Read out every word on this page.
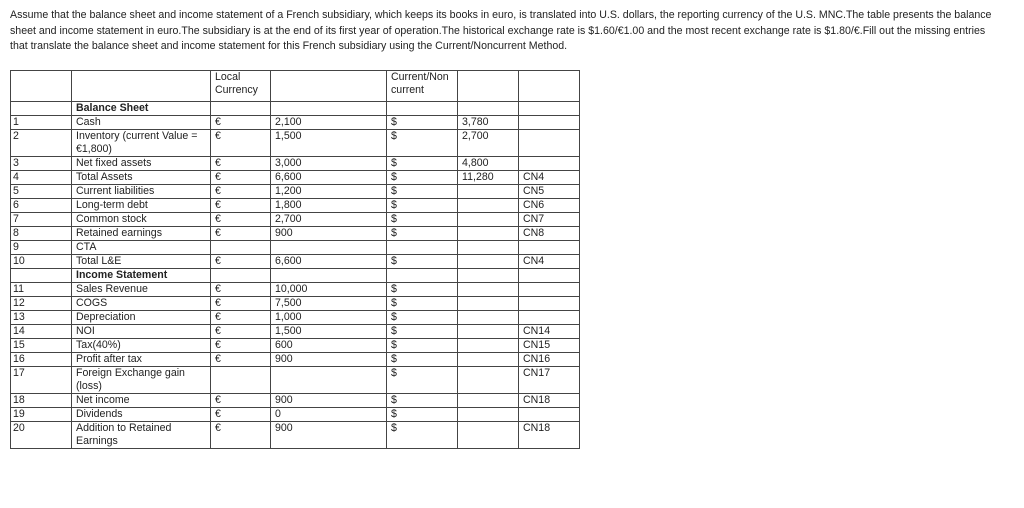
Assume that the balance sheet and income statement of a French subsidiary, which keeps its books in euro, is translated into U.S. dollars, the reporting currency of the U.S. MNC.The table presents the balance sheet and income statement in euro.The subsidiary is at the end of its first year of operation.The historical exchange rate is $1.60/€1.00 and the most recent exchange rate is $1.80/€.Fill out the missing entries that translate the balance sheet and income statement for this French subsidiary using the Current/Noncurrent Method.

		Local Currency		Current/Non current		
	Balance Sheet					
1	Cash	€	2,100	$	3,780	
2	Inventory (current Value = €1,800)	€	1,500	$	2,700	
3	Net fixed assets	€	3,000	$	4,800	
4	Total Assets	€	6,600	$	11,280	CN4
5	Current liabilities	€	1,200	$		CN5
6	Long-term debt	€	1,800	$		CN6
7	Common stock	€	2,700	$		CN7
8	Retained earnings	€	900	$		CN8
9	CTA					
10	Total L&E	€	6,600	$		CN4
	Income Statement					
11	Sales Revenue	€	10,000	$		
12	COGS	€	7,500	$		
13	Depreciation	€	1,000	$		
14	NOI	€	1,500	$		CN14
15	Tax(40%)	€	600	$		CN15
16	Profit after tax	€	900	$		CN16
17	Foreign Exchange gain (loss)			$		CN17
18	Net income	€	900	$		CN18
19	Dividends	€	0	$		
20	Addition to Retained Earnings	€	900	$		CN18
